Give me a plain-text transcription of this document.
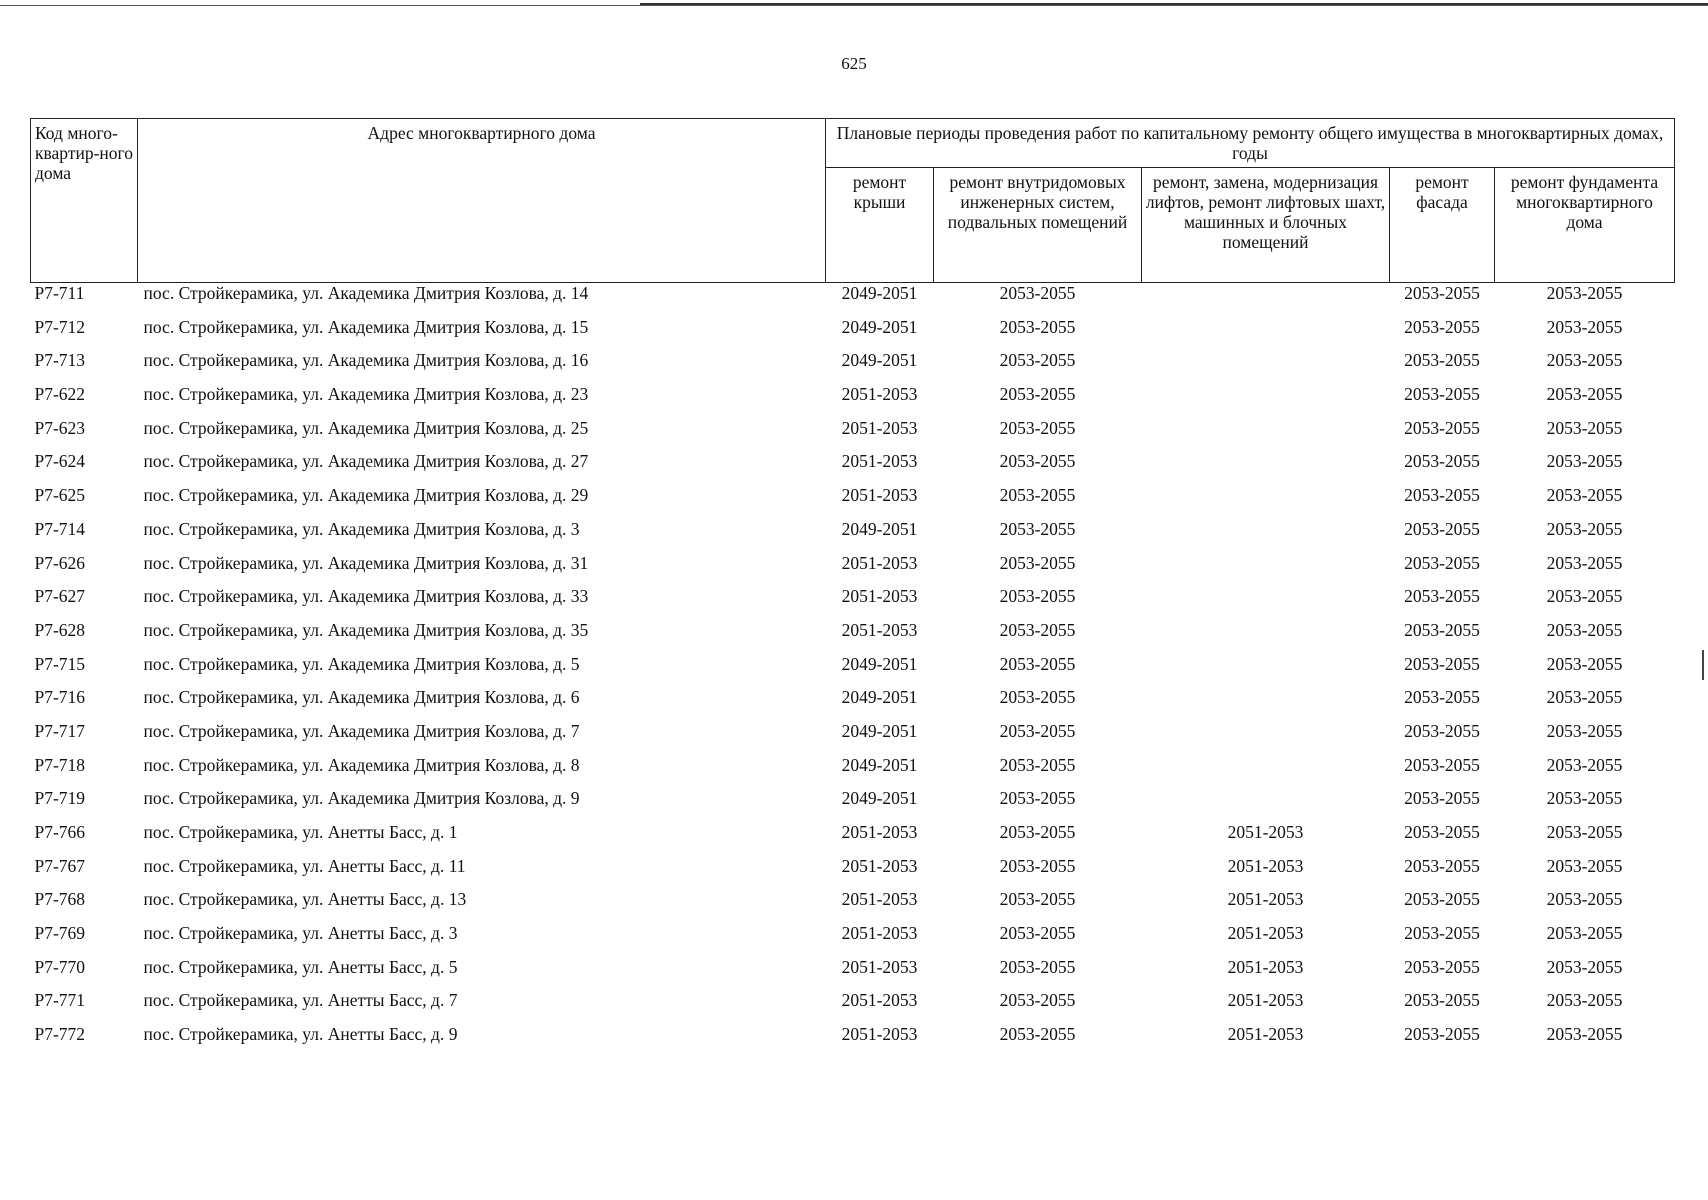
625
Код много-квартир-ного дома	Адрес многоквартирного дома	Плановые периоды проведения работ по капитальному ремонту общего имущества в многоквартирных домах, годы				
		ремонт крыши	ремонт внутридомовых инженерных систем, подвальных помещений	ремонт, замена, модернизация лифтов, ремонт лифтовых шахт, машинных и блочных помещений	ремонт фасада	ремонт фундамента многоквартирного дома
Р7-711	пос. Стройкерамика, ул. Академика Дмитрия Козлова, д. 14	2049-2051	2053-2055		2053-2055	2053-2055
Р7-712	пос. Стройкерамика, ул. Академика Дмитрия Козлова, д. 15	2049-2051	2053-2055		2053-2055	2053-2055
Р7-713	пос. Стройкерамика, ул. Академика Дмитрия Козлова, д. 16	2049-2051	2053-2055		2053-2055	2053-2055
Р7-622	пос. Стройкерамика, ул. Академика Дмитрия Козлова, д. 23	2051-2053	2053-2055		2053-2055	2053-2055
Р7-623	пос. Стройкерамика, ул. Академика Дмитрия Козлова, д. 25	2051-2053	2053-2055		2053-2055	2053-2055
Р7-624	пос. Стройкерамика, ул. Академика Дмитрия Козлова, д. 27	2051-2053	2053-2055		2053-2055	2053-2055
Р7-625	пос. Стройкерамика, ул. Академика Дмитрия Козлова, д. 29	2051-2053	2053-2055		2053-2055	2053-2055
Р7-714	пос. Стройкерамика, ул. Академика Дмитрия Козлова, д. 3	2049-2051	2053-2055		2053-2055	2053-2055
Р7-626	пос. Стройкерамика, ул. Академика Дмитрия Козлова, д. 31	2051-2053	2053-2055		2053-2055	2053-2055
Р7-627	пос. Стройкерамика, ул. Академика Дмитрия Козлова, д. 33	2051-2053	2053-2055		2053-2055	2053-2055
Р7-628	пос. Стройкерамика, ул. Академика Дмитрия Козлова, д. 35	2051-2053	2053-2055		2053-2055	2053-2055
Р7-715	пос. Стройкерамика, ул. Академика Дмитрия Козлова, д. 5	2049-2051	2053-2055		2053-2055	2053-2055
Р7-716	пос. Стройкерамика, ул. Академика Дмитрия Козлова, д. 6	2049-2051	2053-2055		2053-2055	2053-2055
Р7-717	пос. Стройкерамика, ул. Академика Дмитрия Козлова, д. 7	2049-2051	2053-2055		2053-2055	2053-2055
Р7-718	пос. Стройкерамика, ул. Академика Дмитрия Козлова, д. 8	2049-2051	2053-2055		2053-2055	2053-2055
Р7-719	пос. Стройкерамика, ул. Академика Дмитрия Козлова, д. 9	2049-2051	2053-2055		2053-2055	2053-2055
Р7-766	пос. Стройкерамика, ул. Анетты Басс, д. 1	2051-2053	2053-2055	2051-2053	2053-2055	2053-2055
Р7-767	пос. Стройкерамика, ул. Анетты Басс, д. 11	2051-2053	2053-2055	2051-2053	2053-2055	2053-2055
Р7-768	пос. Стройкерамика, ул. Анетты Басс, д. 13	2051-2053	2053-2055	2051-2053	2053-2055	2053-2055
Р7-769	пос. Стройкерамика, ул. Анетты Басс, д. 3	2051-2053	2053-2055	2051-2053	2053-2055	2053-2055
Р7-770	пос. Стройкерамика, ул. Анетты Басс, д. 5	2051-2053	2053-2055	2051-2053	2053-2055	2053-2055
Р7-771	пос. Стройкерамика, ул. Анетты Басс, д. 7	2051-2053	2053-2055	2051-2053	2053-2055	2053-2055
Р7-772	пос. Стройкерамика, ул. Анетты Басс, д. 9	2051-2053	2053-2055	2051-2053	2053-2055	2053-2055
